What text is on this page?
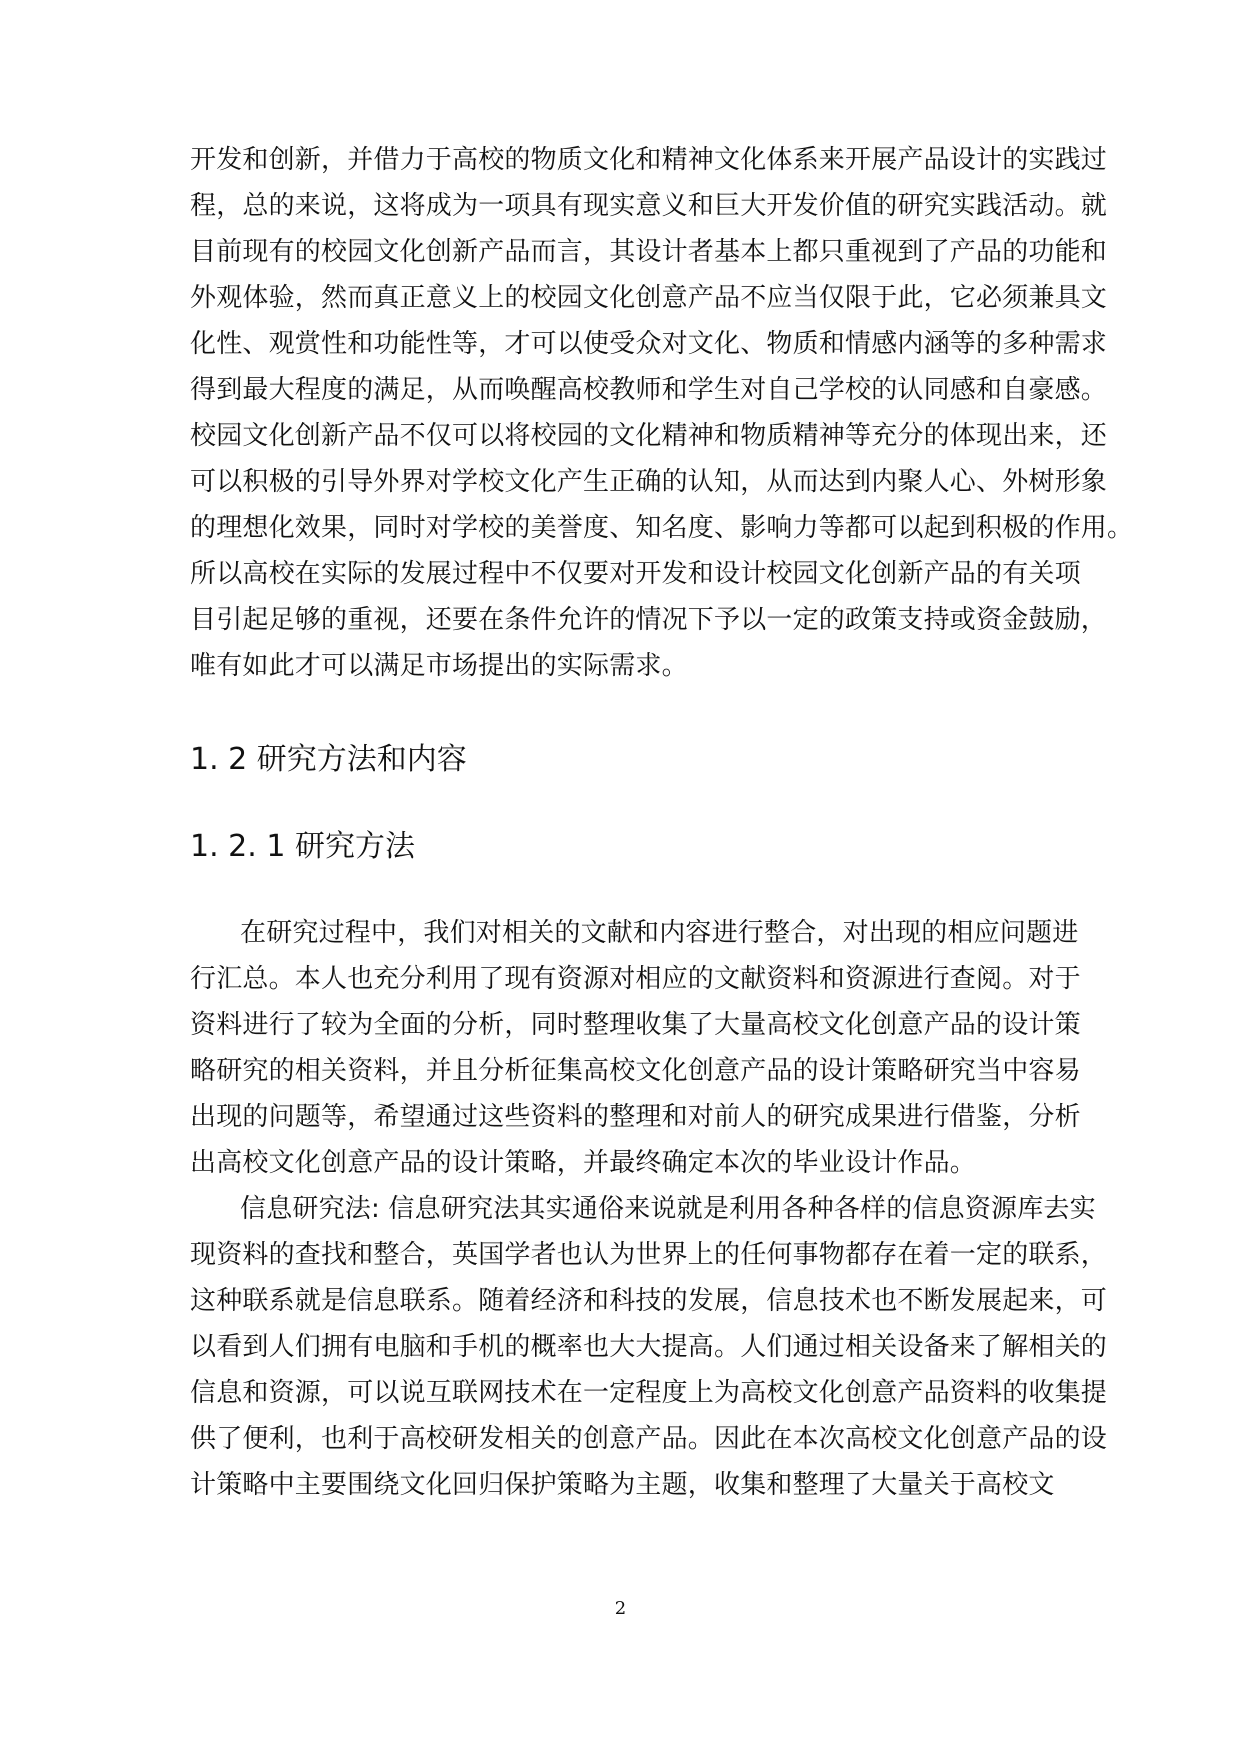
开发和创新，并借力于高校的物质文化和精神文化体系来开展产品设计的实践过
程，总的来说，这将成为一项具有现实意义和巨大开发价值的研究实践活动。就
目前现有的校园文化创新产品而言，其设计者基本上都只重视到了产品的功能和
外观体验，然而真正意义上的校园文化创意产品不应当仅限于此，它必须兼具文
化性、观赏性和功能性等，才可以使受众对文化、物质和情感内涵等的多种需求
得到最大程度的满足，从而唤醒高校教师和学生对自己学校的认同感和自豪感。
校园文化创新产品不仅可以将校园的文化精神和物质精神等充分的体现出来，还
可以积极的引导外界对学校文化产生正确的认知，从而达到内聚人心、外树形象
的理想化效果，同时对学校的美誉度、知名度、影响力等都可以起到积极的作用。
所以高校在实际的发展过程中不仅要对开发和设计校园文化创新产品的有关项
目引起足够的重视，还要在条件允许的情况下予以一定的政策支持或资金鼓励，
唯有如此才可以满足市场提出的实际需求。
1. 2 研究方法和内容
1. 2. 1 研究方法
在研究过程中，我们对相关的文献和内容进行整合，对出现的相应问题进
行汇总。本人也充分利用了现有资源对相应的文献资料和资源进行查阅。对于
资料进行了较为全面的分析，同时整理收集了大量高校文化创意产品的设计策
略研究的相关资料，并且分析征集高校文化创意产品的设计策略研究当中容易
出现的问题等，希望通过这些资料的整理和对前人的研究成果进行借鉴，分析
出高校文化创意产品的设计策略，并最终确定本次的毕业设计作品。
信息研究法: 信息研究法其实通俗来说就是利用各种各样的信息资源库去实
现资料的查找和整合，英国学者也认为世界上的任何事物都存在着一定的联系，
这种联系就是信息联系。随着经济和科技的发展，信息技术也不断发展起来，可
以看到人们拥有电脑和手机的概率也大大提高。人们通过相关设备来了解相关的
信息和资源，可以说互联网技术在一定程度上为高校文化创意产品资料的收集提
供了便利，也利于高校研发相关的创意产品。因此在本次高校文化创意产品的设
计策略中主要围绕文化回归保护策略为主题，收集和整理了大量关于高校文
2
